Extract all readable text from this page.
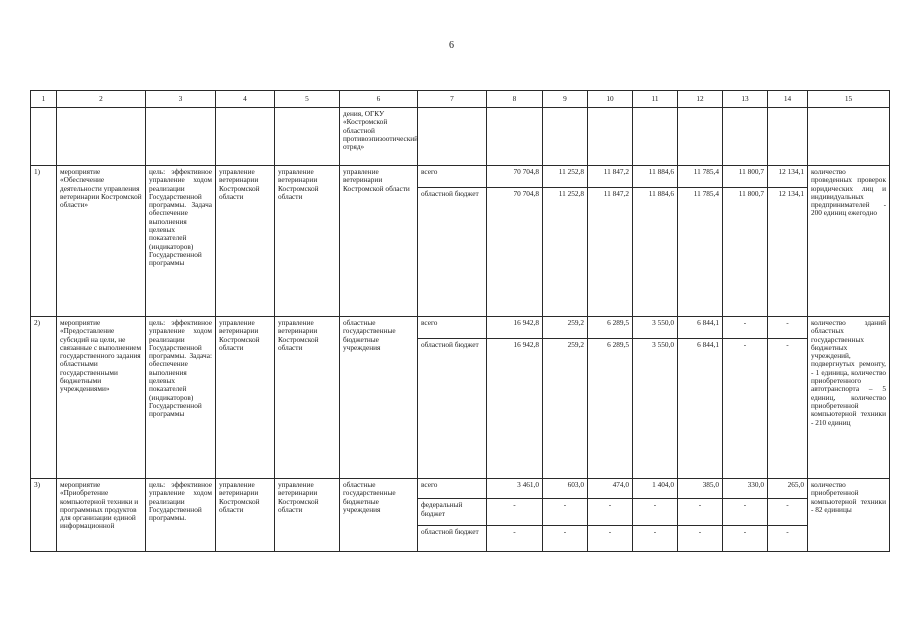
6
1	2	3	4	5	6	7	8	9	10	11	12	13	14	15
					дения, ОГКУ «Костромской областной противоэпизоотический отряд»									
1)	мероприятие «Обеспечение деятельности управления ветеринарии Костромской области»	цель: эффективное управление ходом реализации Государственной программы. Задача обеспечение выполнения целевых показателей (индикаторов) Государственной программы	управление ветеринарии Костромской области	управление ветеринарии Костромской области	управление ветеринарии Костромской области	всего	70 704,8	11 252,8	11 847,2	11 884,6	11 785,4	11 800,7	12 134,1	количество проведенных проверок юридических лиц и индивидуальных предпринимателей - 200 единиц ежегодно
						областной бюджет	70 704,8	11 252,8	11 847,2	11 884,6	11 785,4	11 800,7	12 134,1	
2)	мероприятие «Предоставление субсидий на цели, не связанные с выполнением государственного задания областными государственными бюджетными учреждениями»	цель: эффективное управление ходом реализации Государственной программы. Задача: обеспечение выполнения целевых показателей (индикаторов) Государственной программы	управление ветеринарии Костромской области	управление ветеринарии Костромской области	областные государственные бюджетные учреждения	всего	16 942,8	259,2	6 289,5	3 550,0	6 844,1	-	-	количество зданий областных государственных бюджетных учреждений, подвергнутых ремонту, - 1 единица, количество приобретенного автотранспорта – 5 единиц, количество приобретенной компьютерной техники - 210 единиц
						областной бюджет	16 942,8	259,2	6 289,5	3 550,0	6 844,1	-	-	
3)	мероприятие «Приобретение компьютерной техники и программных продуктов для организации единой информационной	цель: эффективное управление ходом реализации Государственной программы.	управление ветеринарии Костромской области	управление ветеринарии Костромской области	областные государственные бюджетные учреждения	всего	3 461,0	603,0	474,0	1 404,0	385,0	330,0	265,0	количество приобретенной компьютерной техники - 82 единицы
						федеральный бюджет	-	-	-	-	-	-	-	
						областной бюджет	-	-	-	-	-	-	-	
